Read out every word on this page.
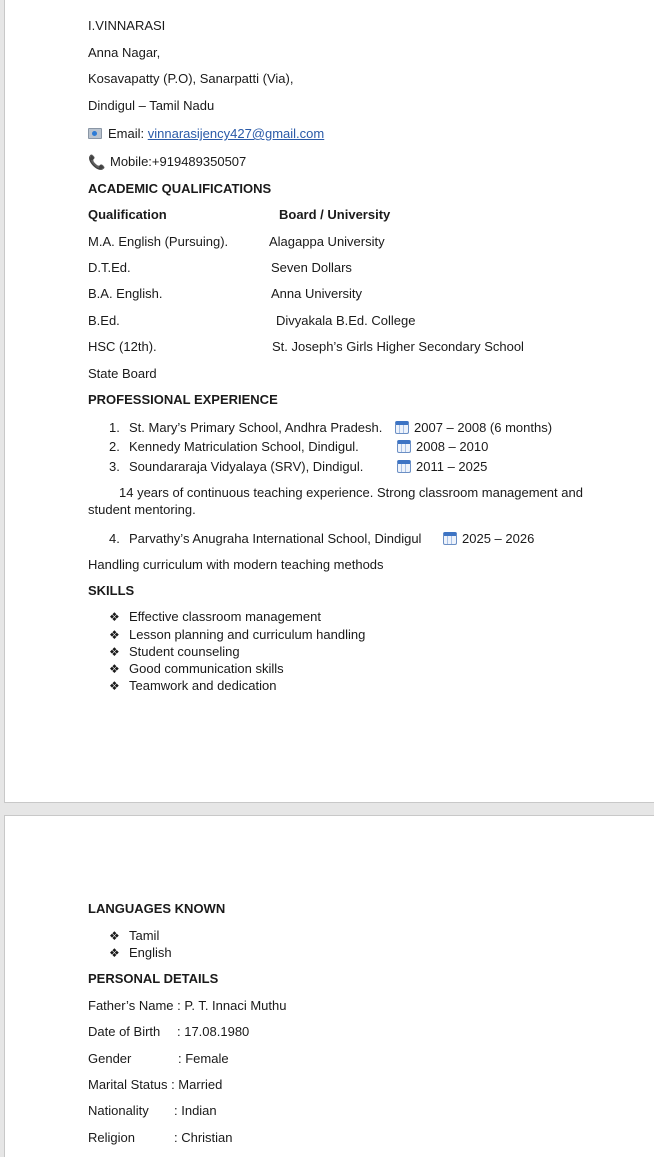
I.VINNARASI
Anna Nagar,
Kosavapatty (P.O), Sanarpatti (Via),
Dindigul – Tamil Nadu
Email: vinnarasijency427@gmail.com
📞 Mobile:+919489350507
ACADEMIC QUALIFICATIONS
Qualification	Board / University
M.A. English (Pursuing).	Alagappa University
D.T.Ed.	Seven Dollars
B.A. English.	Anna University
B.Ed.	Divyakala B.Ed. College
HSC (12th).	St. Joseph’s Girls Higher Secondary School
State Board
PROFESSIONAL EXPERIENCE
1. St. Mary’s Primary School, Andhra Pradesh.	2007 – 2008 (6 months)
2. Kennedy Matriculation School, Dindigul.	2008 – 2010
3. Soundararaja Vidyalaya (SRV), Dindigul.	2011 – 2025
14 years of continuous teaching experience. Strong classroom management and
student mentoring.
4. Parvathy’s Anugraha International School, Dindigul	2025 – 2026
Handling curriculum with modern teaching methods
SKILLS
❖ Effective classroom management
❖ Lesson planning and curriculum handling
❖ Student counseling
❖ Good communication skills
❖ Teamwork and dedication
LANGUAGES KNOWN
❖ Tamil
❖ English
PERSONAL DETAILS
Father’s Name : P. T. Innaci Muthu
Date of Birth : 17.08.1980
Gender	: Female
Marital Status : Married
Nationality : Indian
Religion	: Christian
